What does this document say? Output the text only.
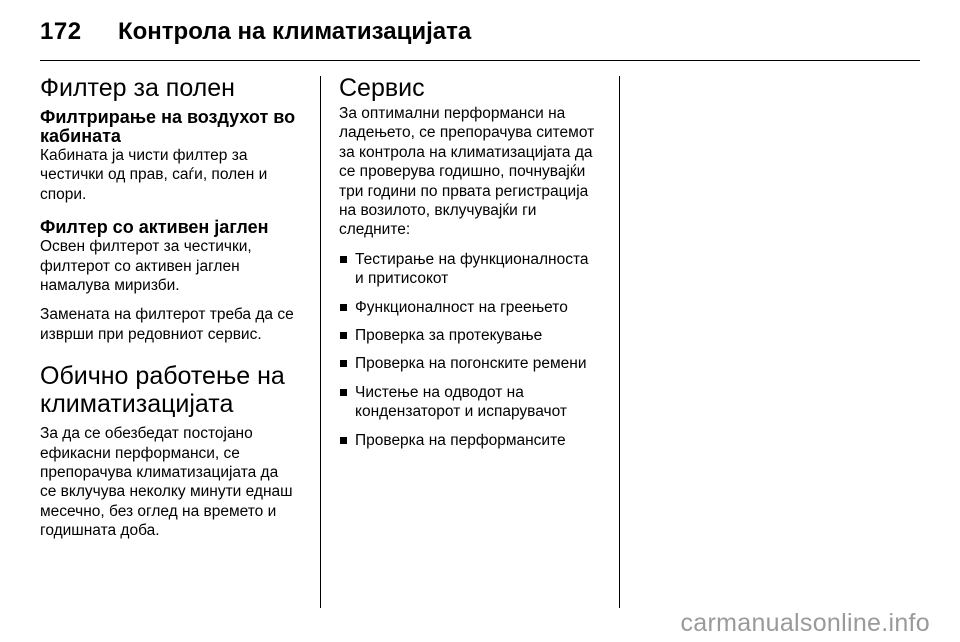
172 Контрола на климатизацијата
Филтер за полен
Филтрирање на воздухот во
кабината
Кабината ја чисти филтер за
честички од прав, саѓи, полен и
спори.
Филтер со активен јаглен
Освен филтерот за честички,
филтерот со активен јаглен
намалува миризби.
Замената на филтерот треба да се
изврши при редовниот сервис.
Обично работење на
климатизацијата
За да се обезбедат постојано
ефикасни перформанси, се
препорачува климатизацијата да
се вклучува неколку минути еднаш
месечно, без оглед на времето и
годишната доба.
Сервис
За оптимални перформанси на
ладењето, се препорачува ситемот
за контрола на климатизацијата да
се проверува годишно, почнувајќи
три години по првата регистрација
на возилото, вклучувајќи ги
следните:
Тестирање на функционалноста
и притисокот
Функционалност на греењето
Проверка за протекување
Проверка на погонските ремени
Чистење на одводот на
кондензаторот и испарувачот
Проверка на перформансите
carmanualsonline.info
